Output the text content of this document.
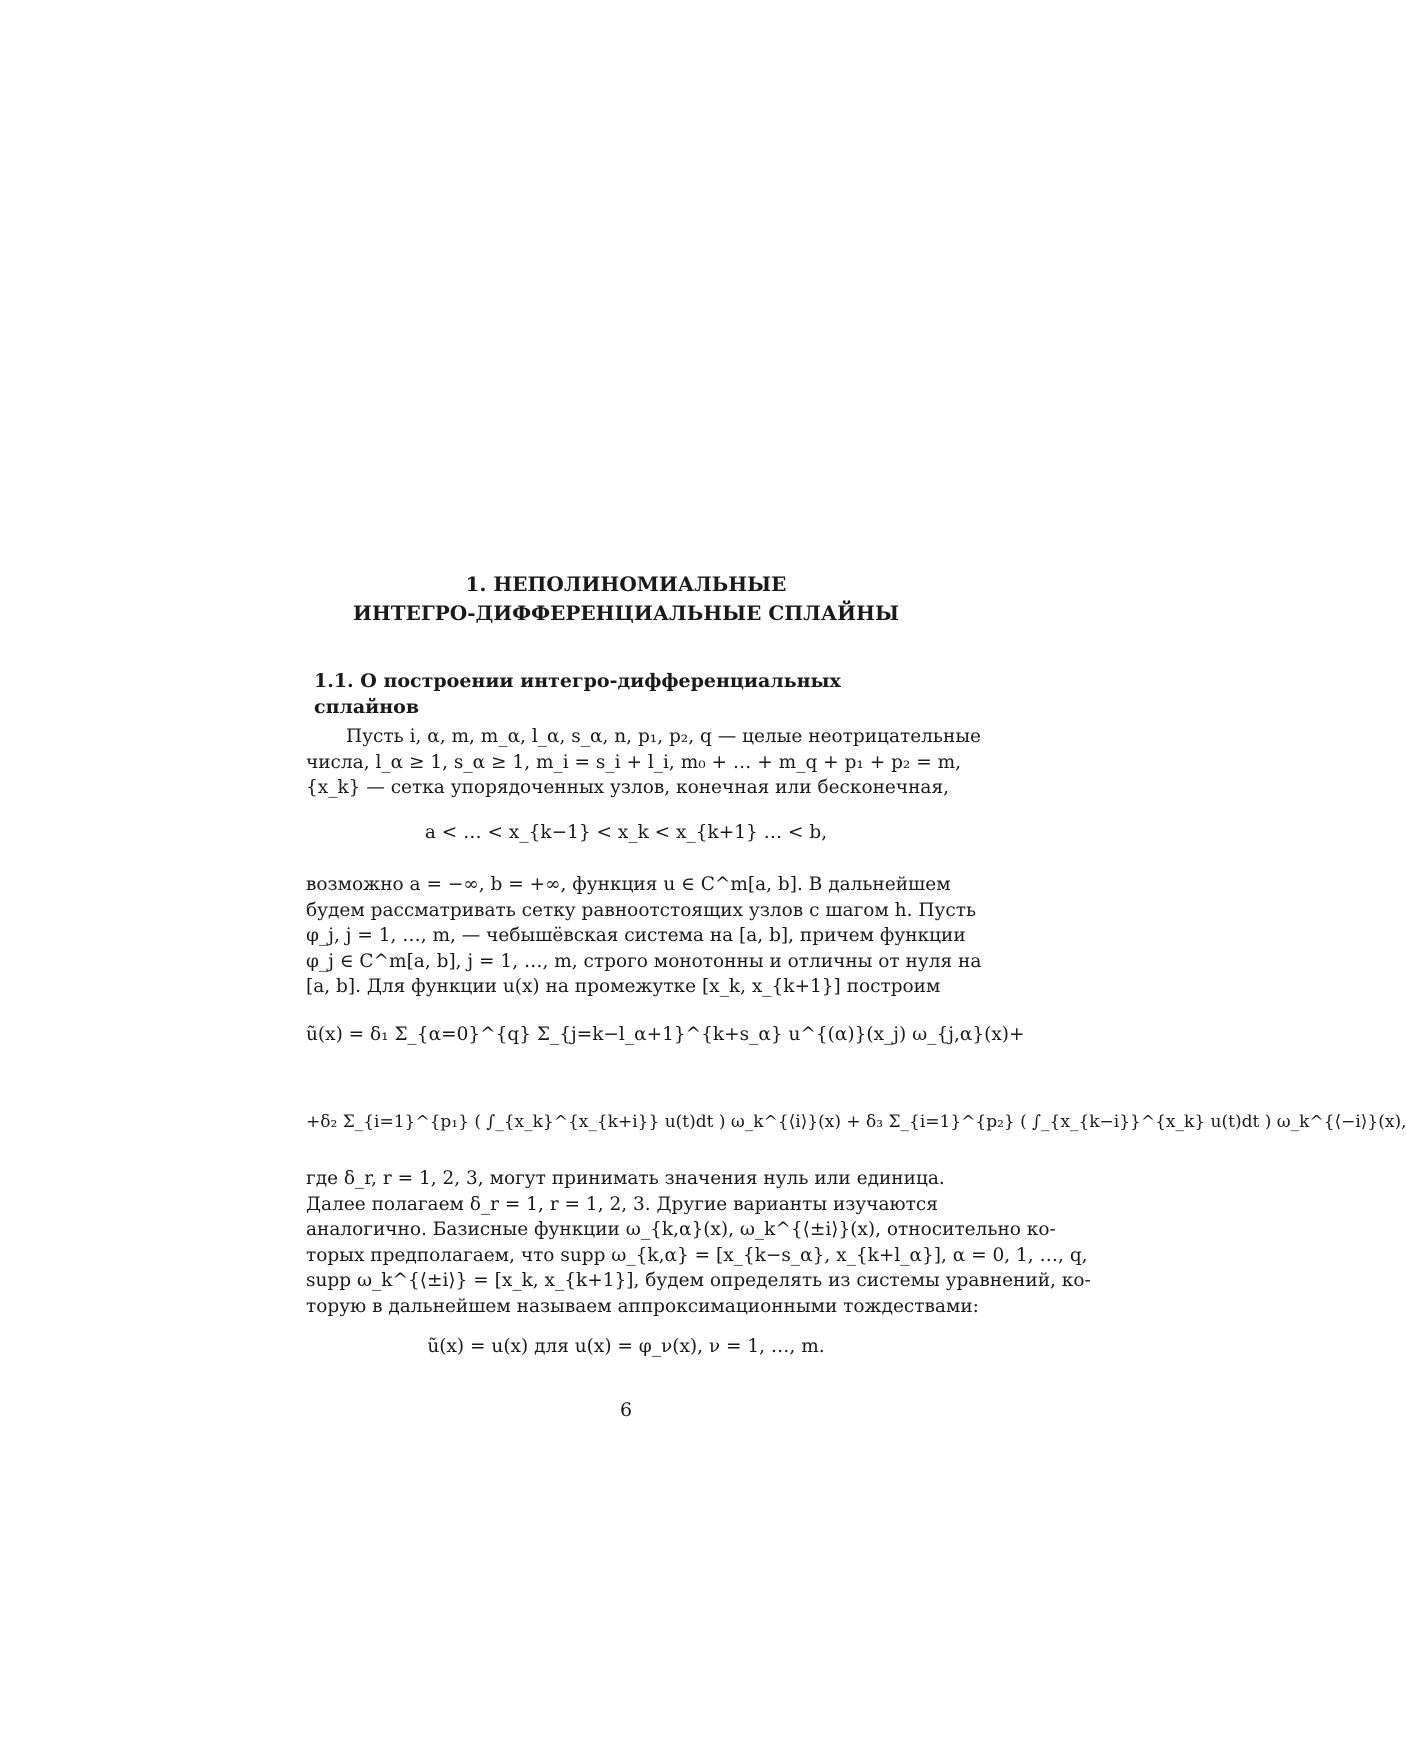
1. НЕПОЛИНОМИАЛЬНЫЕ
ИНТЕГРО-ДИФФЕРЕНЦИАЛЬНЫЕ СПЛАЙНЫ
1.1. О построении интегро-дифференциальных сплайнов
Пусть i, α, m, m_α, l_α, s_α, n, p₁, p₂, q — целые неотрицательные
числа, l_α ≥ 1, s_α ≥ 1, m_i = s_i + l_i, m₀ + … + m_q + p₁ + p₂ = m,
{x_k} — сетка упорядоченных узлов, конечная или бесконечная,
a < … < x_{k−1} < x_k < x_{k+1} … < b,
возможно a = −∞, b = +∞, функция u ∈ C^m[a, b]. В дальнейшем
будем рассматривать сетку равноотстоящих узлов с шагом h. Пусть
φ_j, j = 1, …, m, — чебышёвская система на [a, b], причем функции
φ_j ∈ C^m[a, b], j = 1, …, m, строго монотонны и отличны от нуля на
[a, b]. Для функции u(x) на промежутке [x_k, x_{k+1}] построим
ũ(x) = δ₁ Σ_{α=0}^{q} Σ_{j=k−l_α+1}^{k+s_α} u^{(α)}(x_j) ω_{j,α}(x)+
+δ₂ Σ_{i=1}^{p₁} ( ∫_{x_k}^{x_{k+i}} u(t)dt ) ω_k^{⟨i⟩}(x) + δ₃ Σ_{i=1}^{p₂} ( ∫_{x_{k−i}}^{x_k} u(t)dt ) ω_k^{⟨−i⟩}(x),
где δ_r, r = 1, 2, 3, могут принимать значения нуль или единица.
Далее полагаем δ_r = 1, r = 1, 2, 3. Другие варианты изучаются
аналогично. Базисные функции ω_{k,α}(x), ω_k^{⟨±i⟩}(x), относительно ко-
торых предполагаем, что supp ω_{k,α} = [x_{k−s_α}, x_{k+l_α}], α = 0, 1, …, q,
supp ω_k^{⟨±i⟩} = [x_k, x_{k+1}], будем определять из системы уравнений, ко-
торую в дальнейшем называем аппроксимационными тождествами:
ũ(x) = u(x) для u(x) = φ_ν(x), ν = 1, …, m.
6
